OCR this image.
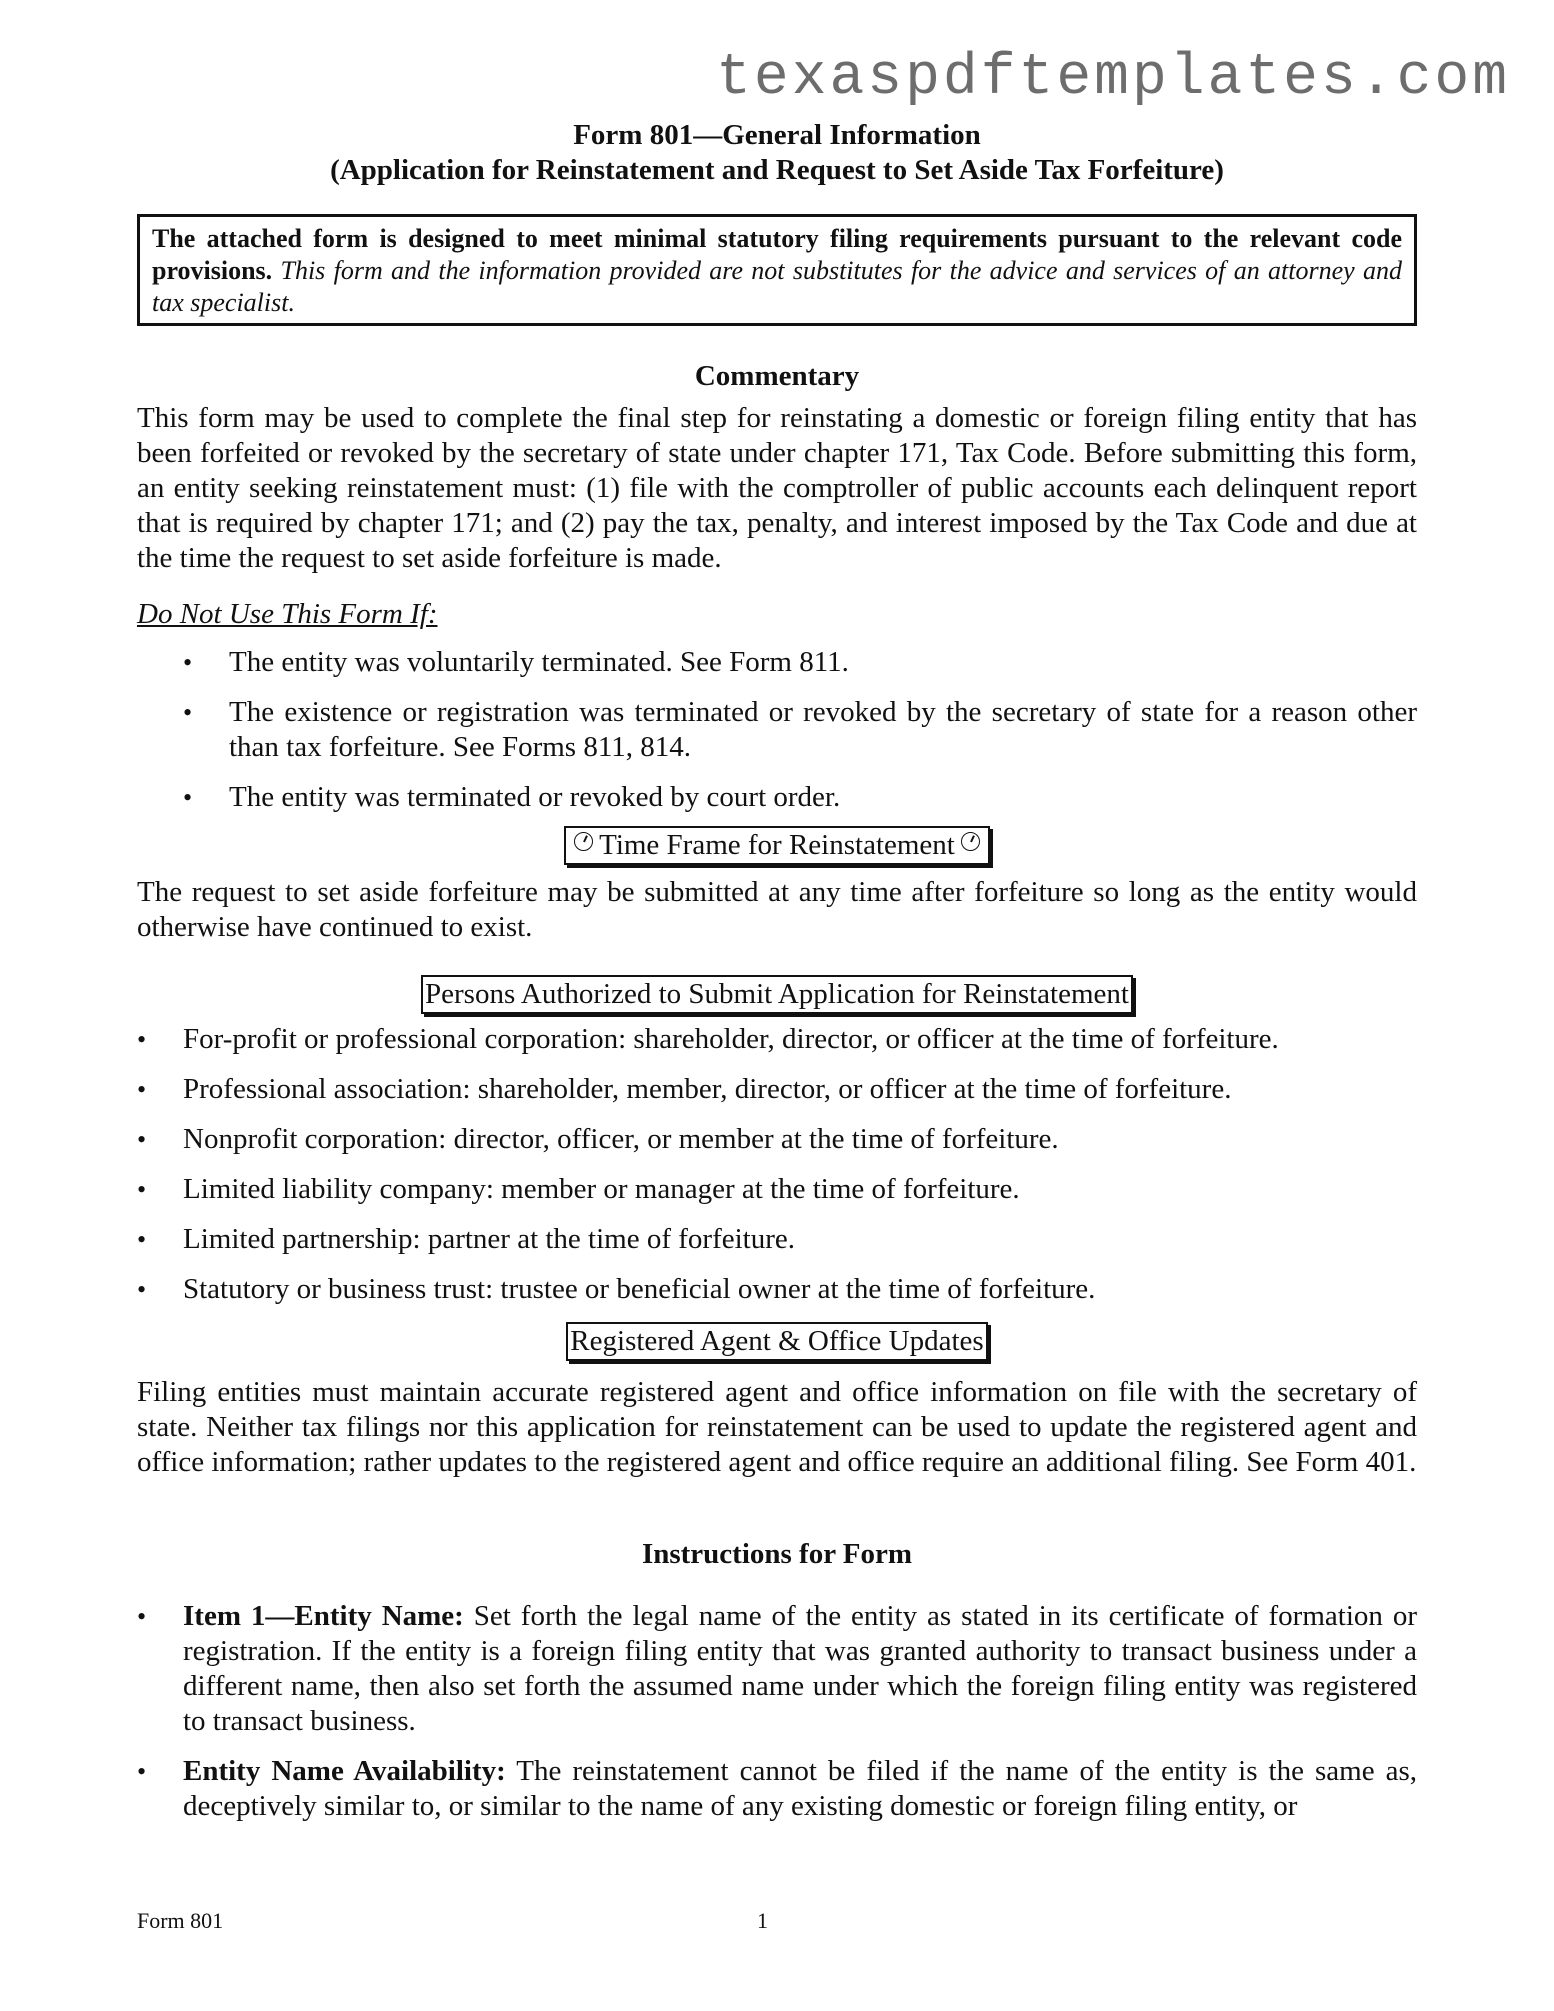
texaspdftemplates.com
Form 801—General Information
(Application for Reinstatement and Request to Set Aside Tax Forfeiture)
The attached form is designed to meet minimal statutory filing requirements pursuant to the relevant code provisions. This form and the information provided are not substitutes for the advice and services of an attorney and tax specialist.
Commentary
This form may be used to complete the final step for reinstating a domestic or foreign filing entity that has been forfeited or revoked by the secretary of state under chapter 171, Tax Code. Before submitting this form, an entity seeking reinstatement must: (1) file with the comptroller of public accounts each delinquent report that is required by chapter 171; and (2) pay the tax, penalty, and interest imposed by the Tax Code and due at the time the request to set aside forfeiture is made.
Do Not Use This Form If:
• The entity was voluntarily terminated. See Form 811.
• The existence or registration was terminated or revoked by the secretary of state for a reason other than tax forfeiture. See Forms 811, 814.
• The entity was terminated or revoked by court order.
Time Frame for Reinstatement
The request to set aside forfeiture may be submitted at any time after forfeiture so long as the entity would otherwise have continued to exist.
Persons Authorized to Submit Application for Reinstatement
• For-profit or professional corporation: shareholder, director, or officer at the time of forfeiture.
• Professional association: shareholder, member, director, or officer at the time of forfeiture.
• Nonprofit corporation: director, officer, or member at the time of forfeiture.
• Limited liability company: member or manager at the time of forfeiture.
• Limited partnership: partner at the time of forfeiture.
• Statutory or business trust: trustee or beneficial owner at the time of forfeiture.
Registered Agent & Office Updates
Filing entities must maintain accurate registered agent and office information on file with the secretary of state. Neither tax filings nor this application for reinstatement can be used to update the registered agent and office information; rather updates to the registered agent and office require an additional filing. See Form 401.
Instructions for Form
• Item 1—Entity Name: Set forth the legal name of the entity as stated in its certificate of formation or registration. If the entity is a foreign filing entity that was granted authority to transact business under a different name, then also set forth the assumed name under which the foreign filing entity was registered to transact business.
• Entity Name Availability: The reinstatement cannot be filed if the name of the entity is the same as, deceptively similar to, or similar to the name of any existing domestic or foreign filing entity, or
Form 801	1
